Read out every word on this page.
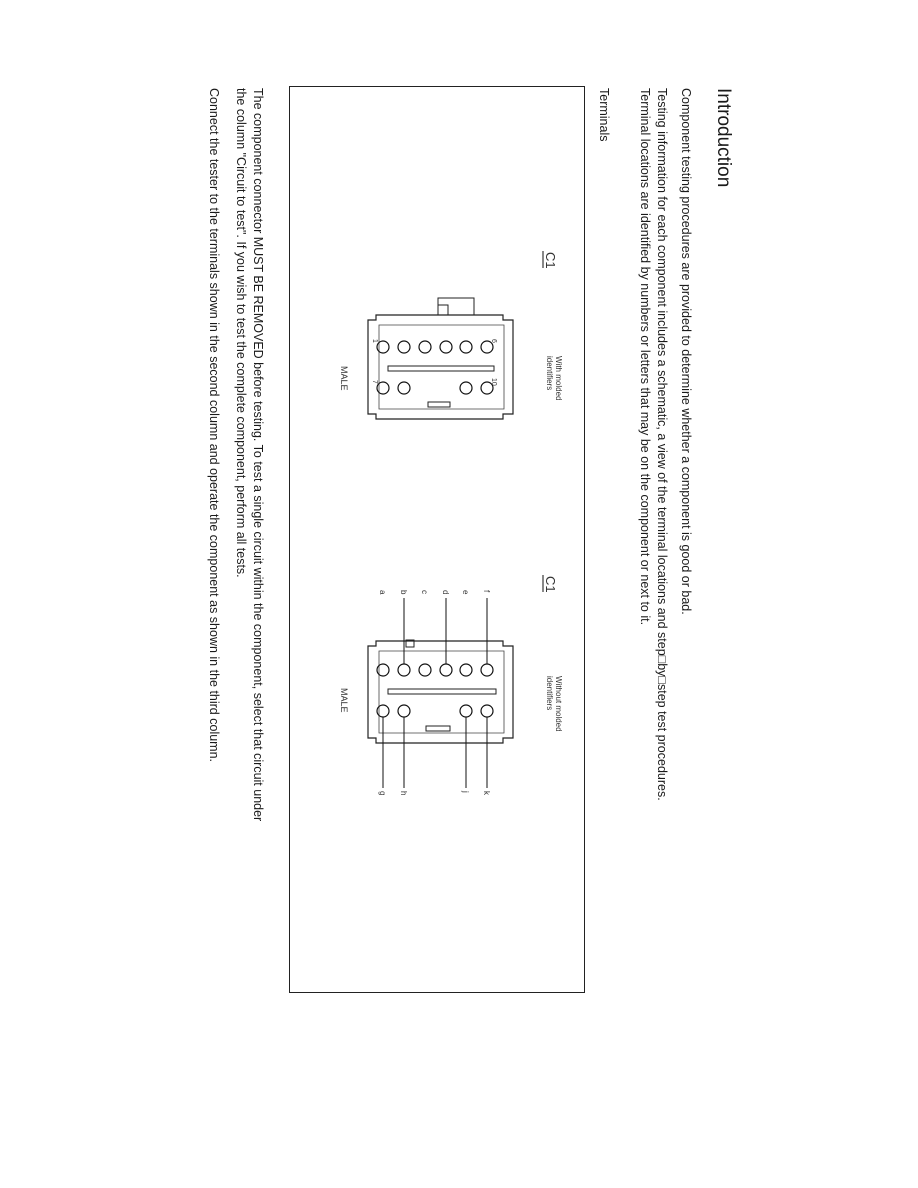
Introduction
Component testing procedures are provided to determine whether a component is good or bad.
Testing information for each component includes a schematic, a view of the terminal locations and step□by□step test procedures.
Terminal locations are identified by numbers or letters that may be on the component or next to it.
Terminals
C1
With molded
identifiers
1	6
7	10
MALE
C1
Without molded
identifiers
a b c d e f
g h	j k
MALE
The component connector MUST BE REMOVED before testing. To test a single circuit within the component, select that circuit under
the column "Circuit to test". If you wish to test the complete component, perform all tests.
Connect the tester to the terminals shown in the second column and operate the component as shown in the third column.
